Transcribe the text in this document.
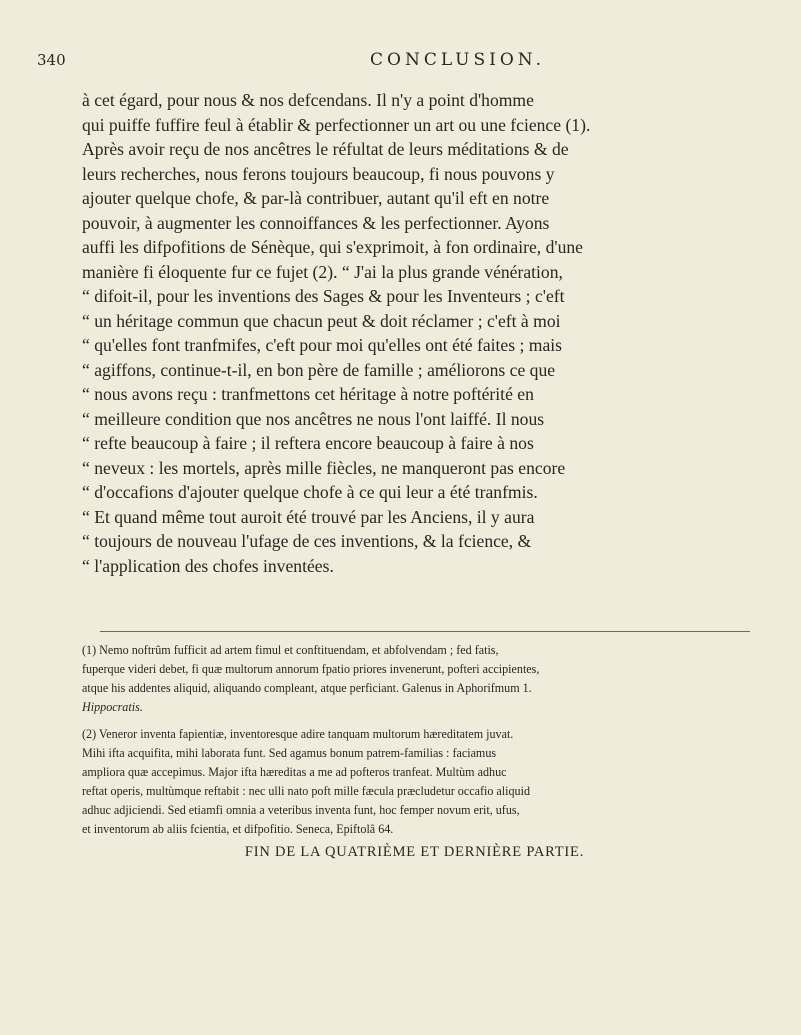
340	CONCLUSION.
à cet égard, pour nous & nos defcendans. Il n'y a point d'homme
qui puiffe fuffire feul à établir & perfectionner un art ou une fcience (1).
Après avoir reçu de nos ancêtres le réfultat de leurs méditations & de
leurs recherches, nous ferons toujours beaucoup, fi nous pouvons y
ajouter quelque chofe, & par-là contribuer, autant qu'il eft en notre
pouvoir, à augmenter les connoiffances & les perfectionner. Ayons
auffi les difpofitions de Sénèque, qui s'exprimoit, à fon ordinaire, d'une
manière fi éloquente fur ce fujet (2). “ J'ai la plus grande vénération,
“ difoit-il, pour les inventions des Sages & pour les Inventeurs ; c'eft
“ un héritage commun que chacun peut & doit réclamer ; c'eft à moi
“ qu'elles font tranfmifes, c'eft pour moi qu'elles ont été faites ; mais
“ agiffons, continue-t-il, en bon père de famille ; améliorons ce que
“ nous avons reçu : tranfmettons cet héritage à notre poftérité en
“ meilleure condition que nos ancêtres ne nous l'ont laiffé. Il nous
“ refte beaucoup à faire ; il reftera encore beaucoup à faire à nos
“ neveux : les mortels, après mille fiècles, ne manqueront pas encore
“ d'occafions d'ajouter quelque chofe à ce qui leur a été tranfmis.
“ Et quand même tout auroit été trouvé par les Anciens, il y aura
“ toujours de nouveau l'ufage de ces inventions, & la fcience, &
“ l'application des chofes inventées.
(1) Nemo noftrûm fufficit ad artem fimul et conftituendam, et abfolvendam ; fed fatis,
fuperque videri debet, fi quæ multorum annorum fpatio priores invenerunt, pofteri accipientes,
atque his addentes aliquid, aliquando compleant, atque perficiant. Galenus in Aphorifmum 1.
Hippocratis.
(2) Veneror inventa fapientiæ, inventoresque adire tanquam multorum hæreditatem juvat.
Mihi ifta acquifita, mihi laborata funt. Sed agamus bonum patrem-familias : faciamus
ampliora quæ accepimus. Major ifta hæreditas a me ad pofteros tranfeat. Multùm adhuc
reftat operis, multùmque reftabit : nec ulli nato poft mille fæcula præcludetur occafio aliquid
adhuc adjiciendi. Sed etiamfi omnia a veteribus inventa funt, hoc femper novum erit, ufus,
et inventorum ab aliis fcientia, et difpofitio. Seneca, Epiftolâ 64.
FIN DE LA QUATRIÈME ET DERNIÈRE PARTIE.
